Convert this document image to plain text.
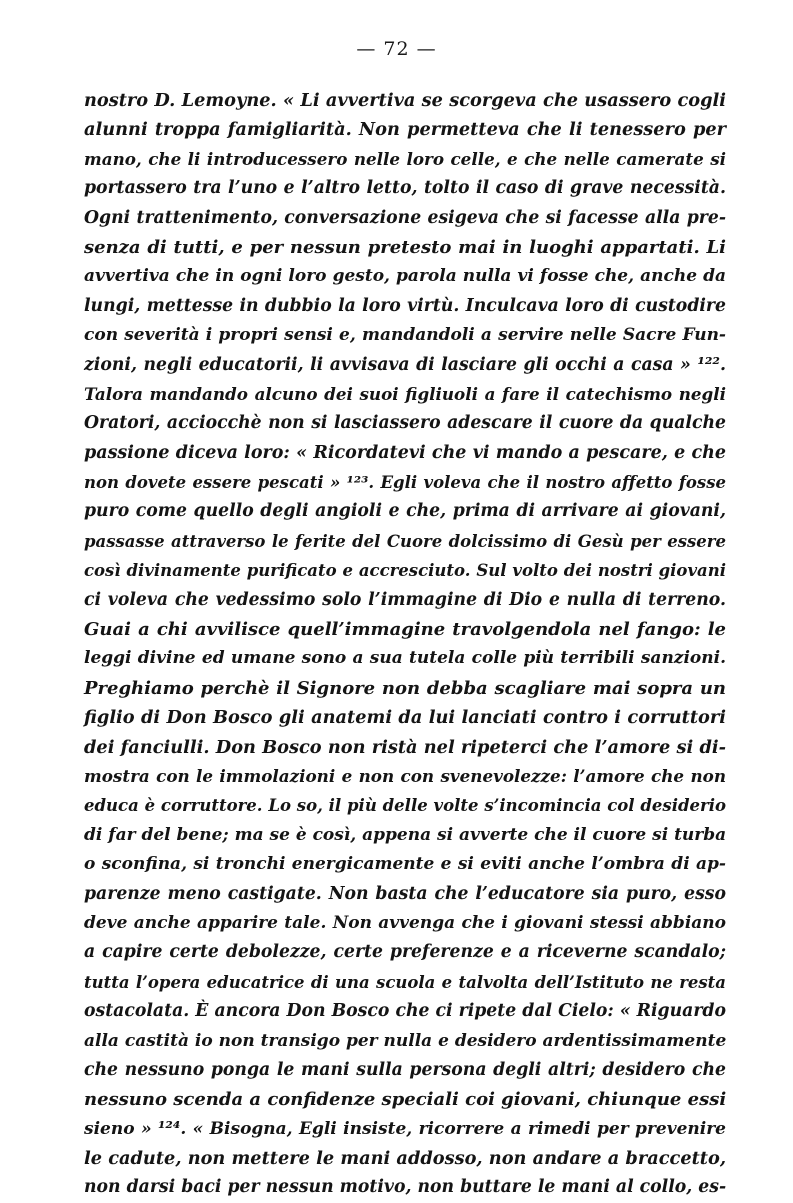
— 72 —
nostro D. Lemoyne. « Li avvertiva se scorgeva che usassero cogli
alunni troppa famigliarità. Non permetteva che li tenessero per
mano, che li introducessero nelle loro celle, e che nelle camerate si
portassero tra l’uno e l’altro letto, tolto il caso di grave necessità.
Ogni trattenimento, conversazione esigeva che si facesse alla pre-
senza di tutti, e per nessun pretesto mai in luoghi appartati. Li
avvertiva che in ogni loro gesto, parola nulla vi fosse che, anche da
lungi, mettesse in dubbio la loro virtù. Inculcava loro di custodire
con severità i propri sensi e, mandandoli a servire nelle Sacre Fun-
zioni, negli educatorii, li avvisava di lasciare gli occhi a casa » ¹²².
Talora mandando alcuno dei suoi figliuoli a fare il catechismo negli
Oratori, acciocchè non si lasciassero adescare il cuore da qualche
passione diceva loro: « Ricordatevi che vi mando a pescare, e che
non dovete essere pescati » ¹²³. Egli voleva che il nostro affetto fosse
puro come quello degli angioli e che, prima di arrivare ai giovani,
passasse attraverso le ferite del Cuore dolcissimo di Gesù per essere
così divinamente purificato e accresciuto. Sul volto dei nostri giovani
ci voleva che vedessimo solo l’immagine di Dio e nulla di terreno.
Guai a chi avvilisce quell’immagine travolgendola nel fango: le
leggi divine ed umane sono a sua tutela colle più terribili sanzioni.
Preghiamo perchè il Signore non debba scagliare mai sopra un
figlio di Don Bosco gli anatemi da lui lanciati contro i corruttori
dei fanciulli. Don Bosco non ristà nel ripeterci che l’amore si di-
mostra con le immolazioni e non con svenevolezze: l’amore che non
educa è corruttore. Lo so, il più delle volte s’incomincia col desiderio
di far del bene; ma se è così, appena si avverte che il cuore si turba
o sconfina, si tronchi energicamente e si eviti anche l’ombra di ap-
parenze meno castigate. Non basta che l’educatore sia puro, esso
deve anche apparire tale. Non avvenga che i giovani stessi abbiano
a capire certe debolezze, certe preferenze e a riceverne scandalo;
tutta l’opera educatrice di una scuola e talvolta dell’Istituto ne resta
ostacolata. È ancora Don Bosco che ci ripete dal Cielo: « Riguardo
alla castità io non transigo per nulla e desidero ardentissimamente
che nessuno ponga le mani sulla persona degli altri; desidero che
nessuno scenda a confidenze speciali coi giovani, chiunque essi
sieno » ¹²⁴. « Bisogna, Egli insiste, ricorrere a rimedi per prevenire
le cadute, non mettere le mani addosso, non andare a braccetto,
non darsi baci per nessun motivo, non buttare le mani al collo, es-
